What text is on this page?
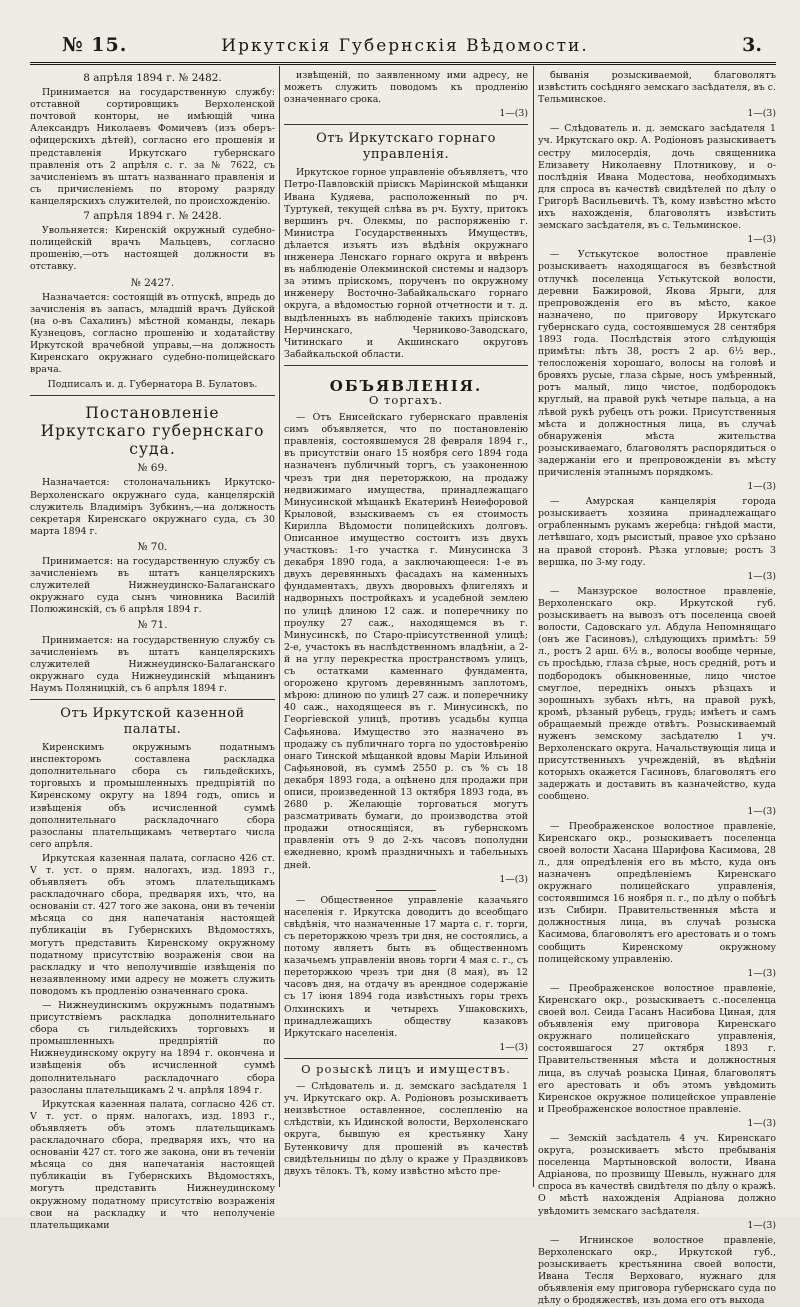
№ 15.	Иркутскія Губернскія Вѣдомости.	3.

8 апрѣля 1894 г. № 2482.

Принимается на государственную службу: отставной сортировщикъ Верхоленской почтовой конторы, не имѣющій чина Александръ Николаевъ Фомичевъ (изъ оберъ-офицерскихъ дѣтей), согласно его прошенія и представленія Иркутскаго губернскаго правленія отъ 2 апрѣля с. г. за № 7622, съ зачисленіемъ въ штатъ названнаго правленія и съ причисленіемъ по второму разряду канцелярскихъ служителей, по происхожденію.

7 апрѣля 1894 г. № 2428.

Увольняется: Киренскій окружный судебно-полицейскій врачъ Мальцевъ, согласно прошенію,—отъ настоящей должности въ отставку.

№ 2427.

Назначается: состоящій въ отпускѣ, впредь до зачисленія въ запасъ, младшій врачъ Дуйской (на о-въ Сахалинъ) мѣстной команды, лекарь Кузнецовъ, согласно прошенію и ходатайству Иркутской врачебной управы,—на должность Киренскаго окружнаго судебно-полицейскаго врача.

Подписалъ и. д. Губернатора В. Булатовъ.

Постановленіе Иркутскаго губернскаго суда.

№ 69.

Назначается: столоначальникъ Иркутско-Верхоленскаго окружнаго суда, канцелярскій служитель Владиміръ Зубкинъ,—на должность секретаря Киренскаго окружнаго суда, съ 30 марта 1894 г.

№ 70.

Принимается: на государственную службу съ зачисленіемъ въ штатъ канцелярскихъ служителей Нижнеудинско-Балаганскаго окружнаго суда сынъ чиновника Василій Полюжинскій, съ 6 апрѣля 1894 г.

№ 71.

Принимается: на государственную службу съ зачисленіемъ въ штатъ канцелярскихъ служителей Нижнеудинско-Балаганскаго окружнаго суда Нижнеудинскій мѣщанинъ Наумъ Поляницкій, съ 6 апрѣля 1894 г.

Отъ Иркутской казенной палаты.

Киренскимъ окружнымъ податнымъ инспекторомъ составлена раскладка дополнительнаго сбора съ гильдейскихъ, торговыхъ и промышленныхъ предпріятій по Киренскому округу на 1894 годъ, опись и извѣщенія объ исчисленной суммѣ дополнительнаго раскладочнаго сбора разосланы плательщикамъ четвертаго числа сего апрѣля.

Иркутская казенная палата, согласно 426 ст. V т. уст. о прям. налогахъ, изд. 1893 г., объявляетъ объ этомъ плательщикамъ раскладочнаго сбора, предваряя ихъ, что, на основаніи ст. 427 того же закона, они въ теченіи мѣсяца со дня напечатанія настоящей публикаціи въ Губернскихъ Вѣдомостяхъ, могутъ представить Киренскому окружному податному присутствію возраженія свои на раскладку и что неполучившіе извѣщенія по незаявленному ими адресу не можетъ служить поводомъ къ продленію означеннаго срока.

— Нижнеудинскимъ окружнымъ податнымъ присутствіемъ раскладка дополнительнаго сбора съ гильдейскихъ торговыхъ и промышленныхъ предпріятій по Нижнеудинскому округу на 1894 г. окончена и извѣщенія объ исчисленной суммѣ дополнительнаго раскладочнаго сбора разосланы плательщикамъ 2 ч. апрѣля 1894 г.

Иркутская казенная палата, согласно 426 ст. V т. уст. о прям. налогахъ, изд. 1893 г., объявляетъ объ этомъ плательщикамъ раскладочнаго сбора, предваряя ихъ, что на основаніи 427 ст. того же закона, они въ теченіи мѣсяца со дня напечатанія настоящей публикаціи въ Губернскихъ Вѣдомостяхъ, могутъ представить Нижнеудинскому окружному податному присутствію возраженія свои на раскладку и что неполученіе плательщиками

извѣщеній, по заявленному ими адресу, не можетъ служить поводомъ къ продленію означеннаго срока.

1—(3)

Отъ Иркутскаго горнаго управленія.

Иркутское горное управленіе объявляетъ, что Петро-Павловскій пріискъ Маріинской мѣщанки Ивана Кудяева, расположенный по рч. Туртукей, текущей слѣва въ рч. Бухту, притокъ вершинъ рч. Олекмы, по распоряженію г. Министра Государственныхъ Имуществъ, дѣлается изъятъ изъ вѣдѣнія окружнаго инженера Ленскаго горнаго округа и ввѣренъ въ наблюденіе Олекминской системы и надзоръ за этимъ пріискомъ, порученъ по окружному инженеру Восточно-Забайкальскаго горнаго округа, а вѣдомостью горной отчетности и т. д. выдѣленныхъ въ наблюденіе такихъ пріисковъ Нерчинскаго, Черниково-Заводскаго, Читинскаго и Акшинскаго округовъ Забайкальской области.

ОБЪЯВЛЕНІЯ.

О торгахъ.

— Отъ Енисейскаго губернскаго правленія симъ объявляется, что по постановленію правленія, состоявшемуся 28 февраля 1894 г., въ присутствіи онаго 15 ноября сего 1894 года назначенъ публичный торгъ, съ узаконенною чрезъ три дня переторжкою, на продажу недвижимаго имущества, принадлежащаго Минусинской мѣщанкѣ Екатеринѣ Неиѳфоровой Крыловой, взыскиваемъ съ ея стоимость Кирилла Вѣдомости полицейскихъ долговъ. Описанное имущество состоитъ изъ двухъ участковъ: 1-го участка г. Минусинска 3 декабря 1890 года, а заключающееся: 1-е въ двухъ деревянныхъ фасадахъ на каменныхъ фундаментахъ, двухъ дворовыхъ флигеляхъ и надворныхъ постройкахъ и усадебной землею по улицѣ длиною 12 саж. и поперечнику по проулку 27 саж., находящемся въ г. Минусинскѣ, по Старо-пріисутственной улицѣ; 2-е, участокъ въ наслѣдственномъ владѣніи, а 2-й на углу перекрестка пространствомъ улицъ, съ остатками каменнаго фундамента, огорожено кругомъ деревяннымъ заплотомъ, мѣрою: длиною по улицѣ 27 саж. и поперечнику 40 саж., находящееся въ г. Минусинскѣ, по Георгіевской улицѣ, противъ усадьбы купца Сафьянова. Имущество это назначено въ продажу съ публичнаго торга по удостовѣренію онаго Тинской мѣщанкой вдовы Маріи Ильиной Сафьяновой, въ суммѣ 2550 р. съ % съ 18 декабря 1893 года, а оцѣнено для продажи при описи, произведенной 13 октября 1893 года, въ 2680 р. Желающіе торговаться могутъ разсматривать бумаги, до производства этой продажи относящіяся, въ губернскомъ правленіи отъ 9 до 2-хъ часовъ пополудни ежедневно, кромѣ праздничныхъ и табельныхъ дней.

1—(3)

— Общественное управленіе казачьяго населенія г. Иркутска доводитъ до всеобщаго свѣдѣнія, что назначенные 17 марта с. г. торги, съ переторжкою чрезъ три дня, не состоялись, а потому являетъ быть въ общественномъ казачьемъ управленіи вновь торги 4 мая с. г., съ переторжкою чрезъ три дня (8 мая), въ 12 часовъ дня, на отдачу въ арендное содержаніе съ 17 іюня 1894 года извѣстныхъ горы трехъ Олхинскихъ и четырехъ Ушаковскихъ, принадлежащихъ обществу казаковъ Иркутскаго населенія.

1—(3)

О розыскѣ лицъ и имуществъ.

— Слѣдователь и. д. земскаго засѣдателя 1 уч. Иркутскаго окр. А. Родіоновъ розыскиваетъ неизвѣстное оставленное, сослепленію на слѣдствіи, къ Идинской волости, Верхоленскаго округа, бывшую ея крестьянку Хану Бутенковичу для прошеній въ качествѣ свидѣтельницы по дѣлу о краже у Праздвиковъ двухъ тёлокъ. Тѣ, кому извѣстно мѣсто пре-

быванія розыскиваемой, благоволятъ извѣстить сосѣдняго земскаго засѣдателя, въ с. Тельминское.

1—(3)

— Слѣдователь и. д. земскаго засѣдателя 1 уч. Иркутскаго окр. А. Родіоновъ разыскиваетъ сестру милосердія, дочь священника Елизавету Николаевну Плотникову, и о-послѣднія Ивана Модестова, необходимыхъ для спроса въ качествѣ свидѣтелей по дѣлу о Григорѣ Васильевичѣ. Тѣ, кому извѣстно мѣсто ихъ нахожденія, благоволятъ извѣстить земскаго засѣдателя, въ с. Тельминское.

1—(3)

— Устькутское волостное правленіе розыскиваетъ находящагося въ безвѣстной отлучкѣ поселенца Устькутской волости, деревни Бажировой, Якова Ярыги, для препровожденія его въ мѣсто, какое назначено, по приговору Иркутскаго губернскаго суда, состоявшемуся 28 сентября 1893 года. Послѣдствія этого слѣдующія примѣты: лѣтъ 38, ростъ 2 ар. 6½ вер., телосложенія хорошаго, волосы на головѣ и бровяхъ русые, глаза сѣрые, носъ умѣренный, ротъ малый, лицо чистое, подбородокъ круглый, на правой рукѣ четыре пальца, а на лѣвой рукѣ рубецъ отъ рожи. Присутственныя мѣста и должностныя лица, въ случаѣ обнаруженія мѣста жительства розыскиваемаго, благоволятъ распорядиться о задержаніи его и препровожденіи въ мѣсту причисленія этапнымъ порядкомъ.

1—(3)

— Амурская канцелярія города розыскиваетъ хозяина принадлежащаго ограбленнымъ рукамъ жеребца: гнѣдой масти, летѣвшаго, ходъ рысистый, правое ухо срѣзано на правой сторонѣ. Рѣзка угловые; ростъ 3 вершка, по 3-му году.

1—(3)

— Манзурское волостное правленіе, Верхоленскаго окр. Иркутской губ. розыскиваетъ на вывозъ отъ поселенца своей волости, Садовскаго ул. Абдула Непомнящаго (онъ же Гасиновъ), слѣдующихъ примѣтъ: 59 л., ростъ 2 арш. 6½ в., волосы вообще черные, съ просѣдью, глаза сѣрые, носъ средній, ротъ и подбородокъ обыкновенные, лицо чистое смуглое, передніхъ оныхъ рѣзцахъ и зорошныхъ зубахъ нѣтъ, на правой рукѣ, кромѣ, рѣзаный рубецъ, грудь; имѣетъ и самъ обращаемый прежде отвѣтъ. Розыскиваемый нуженъ земскому засѣдателю 1 уч. Верхоленскаго округа. Начальствующія лица и присутственныхъ учрежденій, въ вѣдѣніи которыхъ окажется Гасиновъ, благоволятъ его задержать и доставить въ казначейство, куда сообщено.

1—(3)

— Преображенское волостное правленіе, Киренскаго окр., розыскиваетъ поселенца своей волости Хасана Шарифова Касимова, 28 л., для опредѣленія его въ мѣсто, куда онъ назначенъ опредѣленіемъ Киренскаго окружнаго полицейскаго управленія, состоявшимся 16 ноября п. г., по дѣлу о побѣгѣ изъ Сибири. Правительственныя мѣста и должностныя лица, въ случаѣ розыска Касимова, благоволятъ его арестовать и о томъ сообщить Киренскому окружному полицейскому управленію.

1—(3)

— Преображенское волостное правленіе, Киренскаго окр., розыскиваетъ с.-поселенца своей вол. Сеида Гасанъ Насибова Циная, для объявленія ему приговора Киренскаго окружнаго полицейскаго управленія, состоявшагося 27 октября 1893 г. Правительственныя мѣста и должностныя лица, въ случаѣ розыска Циная, благоволятъ его арестовать и объ этомъ увѣдомить Киренское окружное полицейское управленіе и Преображенское волостное правленіе.

1—(3)

— Земскій засѣдатель 4 уч. Киренскаго округа, розыскиваетъ мѣсто пребыванія поселенца Мартыновской волости, Ивана Адріанова, по прозвищу Шевыль, нужнаго для спроса въ качествѣ свидѣтеля по дѣлу о кражѣ. О мѣстѣ нахожденія Адріанова должно увѣдомить земскаго засѣдателя.

1—(3)

— Игнинское волостное правленіе, Верхоленскаго окр., Иркутской губ., розыскиваетъ крестьянина своей волости, Ивана Тесля Верховаго, нужнаго для объявленія ему приговора губернскаго суда по дѣлу о бродяжествѣ, изъ дома его отъ выхода
